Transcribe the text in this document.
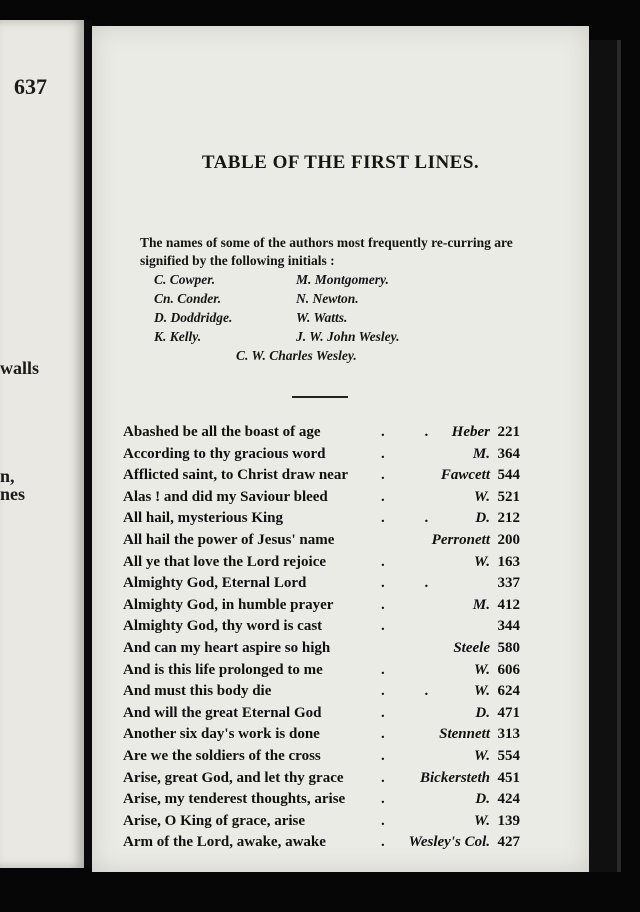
637
walls
n,
nes
TABLE OF THE FIRST LINES.
The names of some of the authors most frequently re-curring are signified by the following initials :
C. Cowper.	M. Montgomery.
Cn. Conder.	N. Newton.
D. Doddridge.	W. Watts.
K. Kelly.	J. W. John Wesley.
C. W. Charles Wesley.
Abashed be all the boast of age	. . Heber 221
According to thy gracious word	.	M. 364
Afflicted saint, to Christ draw near .	Fawcett 544
Alas ! and did my Saviour bleed	.	W. 521
All hail, mysterious King	. . D. 212
All hail the power of Jesus' name	Perronett 200
All ye that love the Lord rejoice	.	W. 163
Almighty God, Eternal Lord	. .	337
Almighty God, in humble prayer	.	M. 412
Almighty God, thy word is cast	.	344
And can my heart aspire so high	Steele 580
And is this life prolonged to me	.	W. 606
And must this body die	. . W. 624
And will the great Eternal God	.	D. 471
Another six day's work is done	. Stennett 313
Are we the soldiers of the cross	.	W. 554
Arise, great God, and let thy grace . Bickersteth 451
Arise, my tenderest thoughts, arise .	D. 424
Arise, O King of grace, arise	.	W. 139
Arm of the Lord, awake, awake	. Wesley's Col. 427
